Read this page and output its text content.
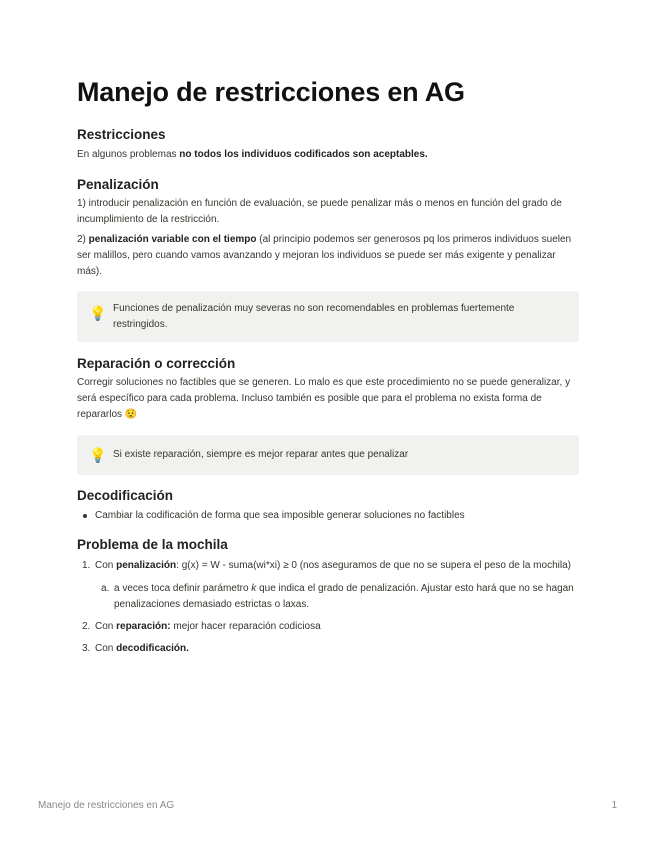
Manejo de restricciones en AG
Restricciones

En algunos problemas no todos los individuos codificados son aceptables.

Penalización

1) introducir penalización en función de evaluación, se puede penalizar más o menos en función del grado de incumplimiento de la restricción.

2) penalización variable con el tiempo (al principio podemos ser generosos pq los primeros individuos suelen ser malillos, pero cuando vamos avanzando y mejoran los individuos se puede ser más exigente y penalizar más).

💡 Funciones de penalización muy severas no son recomendables en problemas fuertemente restringidos.
Reparación o corrección

Corregir soluciones no factibles que se generen. Lo malo es que este procedimiento no se puede generalizar, y será específico para cada problema. Incluso también es posible que para el problema no exista forma de repararlos 😟

💡 Si existe reparación, siempre es mejor reparar antes que penalizar
Decodificación
Cambiar la codificación de forma que sea imposible generar soluciones no factibles
Problema de la mochila
1. Con penalización: g(x) = W - suma(wi*xi) ≥ 0 (nos aseguramos de que no se supera el peso de la mochila)
a. a veces toca definir parámetro k que indica el grado de penalización. Ajustar esto hará que no se hagan penalizaciones demasiado estrictas o laxas.
2. Con reparación: mejor hacer reparación codiciosa
3. Con decodificación.
Manejo de restricciones en AG	1
